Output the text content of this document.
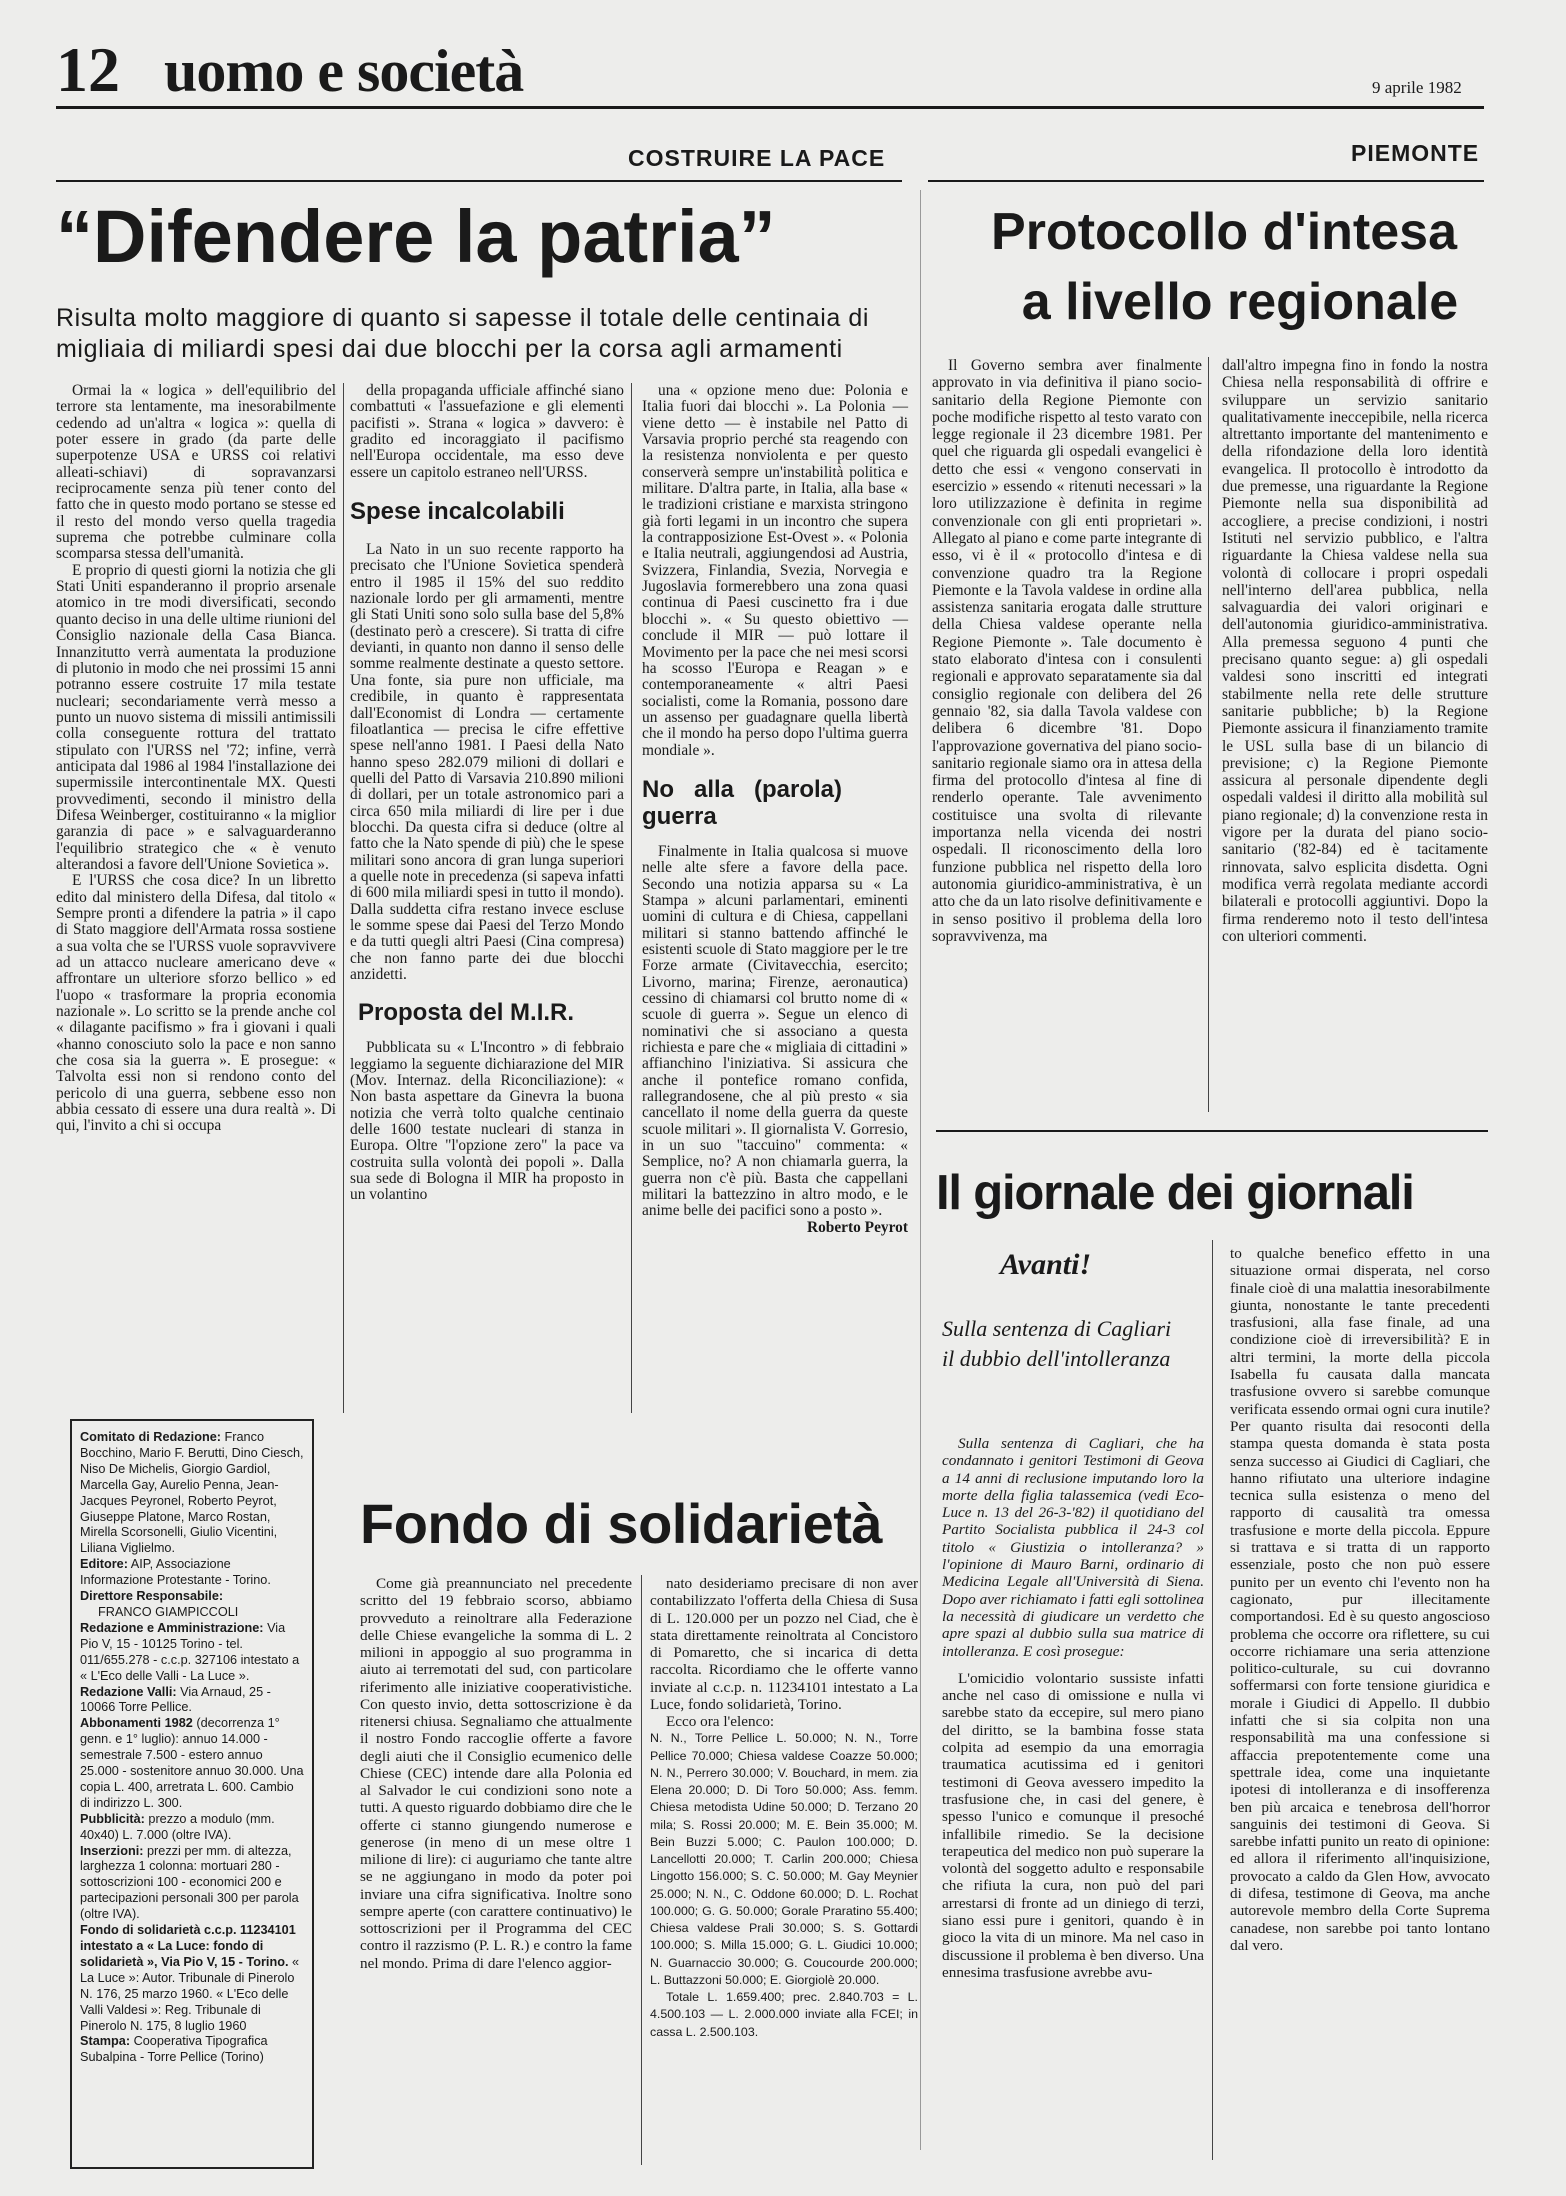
12 uomo e società	9 aprile 1982
COSTRUIRE LA PACE	PIEMONTE
“Difendere la patria”
Risulta molto maggiore di quanto si sapesse il totale delle centinaia di migliaia di miliardi spesi dai due blocchi per la corsa agli armamenti

Ormai la « logica » dell'equilibrio del terrore sta lentamente, ma inesorabilmente cedendo ad un'altra « logica »: quella di poter essere in grado (da parte delle superpotenze USA e URSS coi relativi alleati-schiavi) di sopravanzarsi reciprocamente senza più tener conto del fatto che in questo modo portano se stesse ed il resto del mondo verso quella tragedia suprema che potrebbe culminare colla scomparsa stessa dell'umanità.

E proprio di questi giorni la notizia che gli Stati Uniti espanderanno il proprio arsenale atomico in tre modi diversificati, secondo quanto deciso in una delle ultime riunioni del Consiglio nazionale della Casa Bianca. Innanzitutto verrà aumentata la produzione di plutonio in modo che nei prossimi 15 anni potranno essere costruite 17 mila testate nucleari; secondariamente verrà messo a punto un nuovo sistema di missili antimissili colla conseguente rottura del trattato stipulato con l'URSS nel '72; infine, verrà anticipata dal 1986 al 1984 l'installazione dei supermissile intercontinentale MX. Questi provvedimenti, secondo il ministro della Difesa Weinberger, costituiranno « la miglior garanzia di pace » e salvaguarderanno l'equilibrio strategico che « è venuto alterandosi a favore dell'Unione Sovietica ».

E l'URSS che cosa dice? In un libretto edito dal ministero della Difesa, dal titolo « Sempre pronti a difendere la patria » il capo di Stato maggiore dell'Armata rossa sostiene a sua volta che se l'URSS vuole sopravvivere ad un attacco nucleare americano deve « affrontare un ulteriore sforzo bellico » ed l'uopo « trasformare la propria economia nazionale ». Lo scritto se la prende anche col « dilagante pacifismo » fra i giovani i quali «hanno conosciuto solo la pace e non sanno che cosa sia la guerra ». E prosegue: « Talvolta essi non si rendono conto del pericolo di una guerra, sebbene esso non abbia cessato di essere una dura realtà ». Di qui, l'invito a chi si occupa

della propaganda ufficiale affinché siano combattuti « l'assuefazione e gli elementi pacifisti ». Strana « logica » davvero: è gradito ed incoraggiato il pacifismo nell'Europa occidentale, ma esso deve essere un capitolo estraneo nell'URSS.

Spese incalcolabili

La Nato in un suo recente rapporto ha precisato che l'Unione Sovietica spenderà entro il 1985 il 15% del suo reddito nazionale lordo per gli armamenti, mentre gli Stati Uniti sono solo sulla base del 5,8% (destinato però a crescere). Si tratta di cifre devianti, in quanto non danno il senso delle somme realmente destinate a questo settore. Una fonte, sia pure non ufficiale, ma credibile, in quanto è rappresentata dall'Economist di Londra — certamente filoatlantica — precisa le cifre effettive spese nell'anno 1981. I Paesi della Nato hanno speso 282.079 milioni di dollari e quelli del Patto di Varsavia 210.890 milioni di dollari, per un totale astronomico pari a circa 650 mila miliardi di lire per i due blocchi. Da questa cifra si deduce (oltre al fatto che la Nato spende di più) che le spese militari sono ancora di gran lunga superiori a quelle note in precedenza (si sapeva infatti di 600 mila miliardi spesi in tutto il mondo). Dalla suddetta cifra restano invece escluse le somme spese dai Paesi del Terzo Mondo e da tutti quegli altri Paesi (Cina compresa) che non fanno parte dei due blocchi anzidetti.

Proposta del M.I.R.

Pubblicata su « L'Incontro » di febbraio leggiamo la seguente dichiarazione del MIR (Mov. Internaz. della Riconciliazione): « Non basta aspettare da Ginevra la buona notizia che verrà tolto qualche centinaio delle 1600 testate nucleari di stanza in Europa. Oltre "l'opzione zero" la pace va costruita sulla volontà dei popoli ». Dalla sua sede di Bologna il MIR ha proposto in un volantino

una « opzione meno due: Polonia e Italia fuori dai blocchi ». La Polonia — viene detto — è instabile nel Patto di Varsavia proprio perché sta reagendo con la resistenza nonviolenta e per questo conserverà sempre un'instabilità politica e militare. D'altra parte, in Italia, alla base « le tradizioni cristiane e marxista stringono già forti legami in un incontro che supera la contrapposizione Est-Ovest ». « Polonia e Italia neutrali, aggiungendosi ad Austria, Svizzera, Finlandia, Svezia, Norvegia e Jugoslavia formerebbero una zona quasi continua di Paesi cuscinetto fra i due blocchi ». « Su questo obiettivo — conclude il MIR — può lottare il Movimento per la pace che nei mesi scorsi ha scosso l'Europa e Reagan » e contemporaneamente « altri Paesi socialisti, come la Romania, possono dare un assenso per guadagnare quella libertà che il mondo ha perso dopo l'ultima guerra mondiale ».

No alla (parola) guerra

Finalmente in Italia qualcosa si muove nelle alte sfere a favore della pace. Secondo una notizia apparsa su « La Stampa » alcuni parlamentari, eminenti uomini di cultura e di Chiesa, cappellani militari si stanno battendo affinché le esistenti scuole di Stato maggiore per le tre Forze armate (Civitavecchia, esercito; Livorno, marina; Firenze, aeronautica) cessino di chiamarsi col brutto nome di « scuole di guerra ». Segue un elenco di nominativi che si associano a questa richiesta e pare che « migliaia di cittadini » affianchino l'iniziativa. Si assicura che anche il pontefice romano confida, rallegrandosene, che al più presto « sia cancellato il nome della guerra da queste scuole militari ». Il giornalista V. Gorresio, in un suo "taccuino" commenta: « Semplice, no? A non chiamarla guerra, la guerra non c'è più. Basta che cappellani militari la battezzino in altro modo, e le anime belle dei pacifici sono a posto ».

Roberto Peyrot

Comitato di Redazione: Franco Bocchino, Mario F. Berutti, Dino Ciesch, Niso De Michelis, Giorgio Gardiol, Marcella Gay, Aurelio Penna, Jean-Jacques Peyronel, Roberto Peyrot, Giuseppe Platone, Marco Rostan, Mirella Scorsonelli, Giulio Vicentini, Liliana Viglielmo.

Editore: AIP, Associazione Informazione Protestante - Torino.

Direttore Responsabile:
FRANCO GIAMPICCOLI

Redazione e Amministrazione: Via Pio V, 15 - 10125 Torino - tel. 011/655.278 - c.c.p. 327106 intestato a « L'Eco delle Valli - La Luce ».

Redazione Valli: Via Arnaud, 25 - 10066 Torre Pellice.

Abbonamenti 1982 (decorrenza 1° genn. e 1° luglio): annuo 14.000 - semestrale 7.500 - estero annuo 25.000 - sostenitore annuo 30.000. Una copia L. 400, arretrata L. 600. Cambio di indirizzo L. 300.

Pubblicità: prezzo a modulo (mm. 40x40) L. 7.000 (oltre IVA).

Inserzioni: prezzi per mm. di altezza, larghezza 1 colonna: mortuari 280 - sottoscrizioni 100 - economici 200 e partecipazioni personali 300 per parola (oltre IVA).

Fondo di solidarietà c.c.p. 11234101 intestato a « La Luce: fondo di solidarietà », Via Pio V, 15 - Torino. « La Luce »: Autor. Tribunale di Pinerolo N. 176, 25 marzo 1960. « L'Eco delle Valli Valdesi »: Reg. Tribunale di Pinerolo N. 175, 8 luglio 1960

Stampa: Cooperativa Tipografica Subalpina - Torre Pellice (Torino)

Fondo di solidarietà

Come già preannunciato nel precedente scritto del 19 febbraio scorso, abbiamo provveduto a reinoltrare alla Federazione delle Chiese evangeliche la somma di L. 2 milioni in appoggio al suo programma in aiuto ai terremotati del sud, con particolare riferimento alle iniziative cooperativistiche. Con questo invio, detta sottoscrizione è da ritenersi chiusa. Segnaliamo che attualmente il nostro Fondo raccoglie offerte a favore degli aiuti che il Consiglio ecumenico delle Chiese (CEC) intende dare alla Polonia ed al Salvador le cui condizioni sono note a tutti. A questo riguardo dobbiamo dire che le offerte ci stanno giungendo numerose e generose (in meno di un mese oltre 1 milione di lire): ci auguriamo che tante altre se ne aggiungano in modo da poter poi inviare una cifra significativa. Inoltre sono sempre aperte (con carattere continuativo) le sottoscrizioni per il Programma del CEC contro il razzismo (P. L. R.) e contro la fame nel mondo. Prima di dare l'elenco aggior-

nato desideriamo precisare di non aver contabilizzato l'offerta della Chiesa di Susa di L. 120.000 per un pozzo nel Ciad, che è stata direttamente reinoltrata al Concistoro di Pomaretto, che si incarica di detta raccolta. Ricordiamo che le offerte vanno inviate al c.c.p. n. 11234101 intestato a La Luce, fondo solidarietà, Torino.

Ecco ora l'elenco:
N. N., Torre Pellice L. 50.000; N. N., Torre Pellice 70.000; Chiesa valdese Coazze 50.000; N. N., Perrero 30.000; V. Bouchard, in mem. zia Elena 20.000; D. Di Toro 50.000; Ass. femm. Chiesa metodista Udine 50.000; D. Terzano 20 mila; S. Rossi 20.000; M. E. Bein 35.000; M. Bein Buzzi 5.000; C. Paulon 100.000; D. Lancellotti 20.000; T. Carlin 200.000; Chiesa Lingotto 156.000; S. C. 50.000; M. Gay Meynier 25.000; N. N., C. Oddone 60.000; D. L. Rochat 100.000; G. G. 50.000; Gorale Praratino 55.400; Chiesa valdese Prali 30.000; S. S. Gottardi 100.000; S. Milla 15.000; G. L. Giudici 10.000; N. Guarnaccio 30.000; G. Coucourde 200.000; L. Buttazzoni 50.000; E. Giorgiolè 20.000.
Totale L. 1.659.400; prec. 2.840.703 = L. 4.500.103 — L. 2.000.000 inviate alla FCEI; in cassa L. 2.500.103.
Protocollo d'intesa
a livello regionale

Il Governo sembra aver finalmente approvato in via definitiva il piano socio-sanitario della Regione Piemonte con poche modifiche rispetto al testo varato con legge regionale il 23 dicembre 1981. Per quel che riguarda gli ospedali evangelici è detto che essi « vengono conservati in esercizio » essendo « ritenuti necessari » la loro utilizzazione è definita in regime convenzionale con gli enti proprietari ». Allegato al piano e come parte integrante di esso, vi è il « protocollo d'intesa e di convenzione quadro tra la Regione Piemonte e la Tavola valdese in ordine alla assistenza sanitaria erogata dalle strutture della Chiesa valdese operante nella Regione Piemonte ». Tale documento è stato elaborato d'intesa con i consulenti regionali e approvato separatamente sia dal consiglio regionale con delibera del 26 gennaio '82, sia dalla Tavola valdese con delibera 6 dicembre '81. Dopo l'approvazione governativa del piano socio-sanitario regionale siamo ora in attesa della firma del protocollo d'intesa al fine di renderlo operante. Tale avvenimento costituisce una svolta di rilevante importanza nella vicenda dei nostri ospedali. Il riconoscimento della loro funzione pubblica nel rispetto della loro autonomia giuridico-amministrativa, è un atto che da un lato risolve definitivamente e in senso positivo il problema della loro sopravvivenza, ma

dall'altro impegna fino in fondo la nostra Chiesa nella responsabilità di offrire e sviluppare un servizio sanitario qualitativamente ineccepibile, nella ricerca altrettanto importante del mantenimento e della rifondazione della loro identità evangelica. Il protocollo è introdotto da due premesse, una riguardante la Regione Piemonte nella sua disponibilità ad accogliere, a precise condizioni, i nostri Istituti nel servizio pubblico, e l'altra riguardante la Chiesa valdese nella sua volontà di collocare i propri ospedali nell'interno dell'area pubblica, nella salvaguardia dei valori originari e dell'autonomia giuridico-amministrativa. Alla premessa seguono 4 punti che precisano quanto segue: a) gli ospedali valdesi sono inscritti ed integrati stabilmente nella rete delle strutture sanitarie pubbliche; b) la Regione Piemonte assicura il finanziamento tramite le USL sulla base di un bilancio di previsione; c) la Regione Piemonte assicura al personale dipendente degli ospedali valdesi il diritto alla mobilità sul piano regionale; d) la convenzione resta in vigore per la durata del piano socio-sanitario ('82-84) ed è tacitamente rinnovata, salvo esplicita disdetta. Ogni modifica verrà regolata mediante accordi bilaterali e protocolli aggiuntivi. Dopo la firma renderemo noto il testo dell'intesa con ulteriori commenti.

Il giornale dei giornali
Avanti!
Sulla sentenza di Cagliari il dubbio dell'intolleranza

Sulla sentenza di Cagliari, che ha condannato i genitori Testimoni di Geova a 14 anni di reclusione imputando loro la morte della figlia talassemica (vedi Eco-Luce n. 13 del 26-3-'82) il quotidiano del Partito Socialista pubblica il 24-3 col titolo « Giustizia o intolleranza? » l'opinione di Mauro Barni, ordinario di Medicina Legale all'Università di Siena. Dopo aver richiamato i fatti egli sottolinea la necessità di giudicare un verdetto che apre spazi al dubbio sulla sua matrice di intolleranza. E così prosegue:

L'omicidio volontario sussiste infatti anche nel caso di omissione e nulla vi sarebbe stato da eccepire, sul mero piano del diritto, se la bambina fosse stata colpita ad esempio da una emorragia traumatica acutissima ed i genitori testimoni di Geova avessero impedito la trasfusione che, in casi del genere, è spesso l'unico e comunque il presoché infallibile rimedio. Se la decisione terapeutica del medico non può superare la volontà del soggetto adulto e responsabile che rifiuta la cura, non può del pari arrestarsi di fronte ad un diniego di terzi, siano essi pure i genitori, quando è in gioco la vita di un minore. Ma nel caso in discussione il problema è ben diverso. Una ennesima trasfusione avrebbe avu-

to qualche benefico effetto in una situazione ormai disperata, nel corso finale cioè di una malattia inesorabilmente giunta, nonostante le tante precedenti trasfusioni, alla fase finale, ad una condizione cioè di irreversibilità? E in altri termini, la morte della piccola Isabella fu causata dalla mancata trasfusione ovvero si sarebbe comunque verificata essendo ormai ogni cura inutile? Per quanto risulta dai resoconti della stampa questa domanda è stata posta senza successo ai Giudici di Cagliari, che hanno rifiutato una ulteriore indagine tecnica sulla esistenza o meno del rapporto di causalità tra omessa trasfusione e morte della piccola. Eppure si trattava e si tratta di un rapporto essenziale, posto che non può essere punito per un evento chi l'evento non ha cagionato, pur illecitamente comportandosi. Ed è su questo angoscioso problema che occorre ora riflettere, su cui occorre richiamare una seria attenzione politico-culturale, su cui dovranno soffermarsi con forte tensione giuridica e morale i Giudici di Appello. Il dubbio infatti che si sia colpita non una responsabilità ma una confessione si affaccia prepotentemente come una spettrale idea, come una inquietante ipotesi di intolleranza e di insofferenza ben più arcaica e tenebrosa dell'horror sanguinis dei testimoni di Geova. Si sarebbe infatti punito un reato di opinione: ed allora il riferimento all'inquisizione, provocato a caldo da Glen How, avvocato di difesa, testimone di Geova, ma anche autorevole membro della Corte Suprema canadese, non sarebbe poi tanto lontano dal vero.
